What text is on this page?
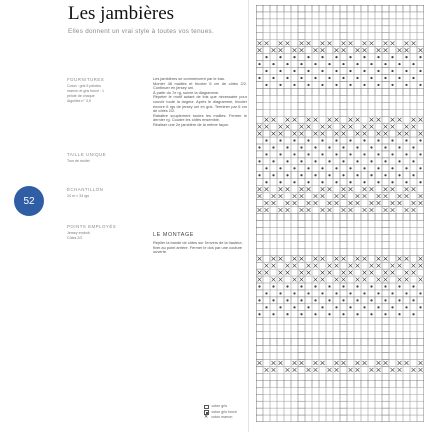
Les jambières
Elles donnent un vrai style à toutes vos tenues.
FOURNITURES
Coton : gris 5 pelotes
marron et gris foncé : 1
pelote de chaque
Aiguilles n° 3,5
TAILLE UNIQUE
Tour de mollet
ÉCHANTILLON
24 m × 33 rgs
POINTS EMPLOYÉS
Jersey endroit
Côtes 2/2
52

Les jambières se commencent par le bas.

Monter 48 mailles et tricoter 6 cm de côtes 2/2. Continuer en jersey uni.

À partir du 7e rg, suivre la diagramme.

Répéter le motif autant de fois que nécessaire pour couvrir toute la largeur. Après le diagramme, tricoter encore 6 rgs de jersey uni en gris. Terminer par 6 cm de côtes 2/2.

Rabattre souplement toutes les mailles. Fermer le dernier rg. Coudre les côtés ensemble.

Réaliser une 2e jambière de la même façon.

LE MONTAGE
Replier la bande de côtes sur l'envers de la hauteur, fixer au point arrière. Fermer le dos par une couture ouverte.
coton gris
coton gris foncé
✕ coton marron
